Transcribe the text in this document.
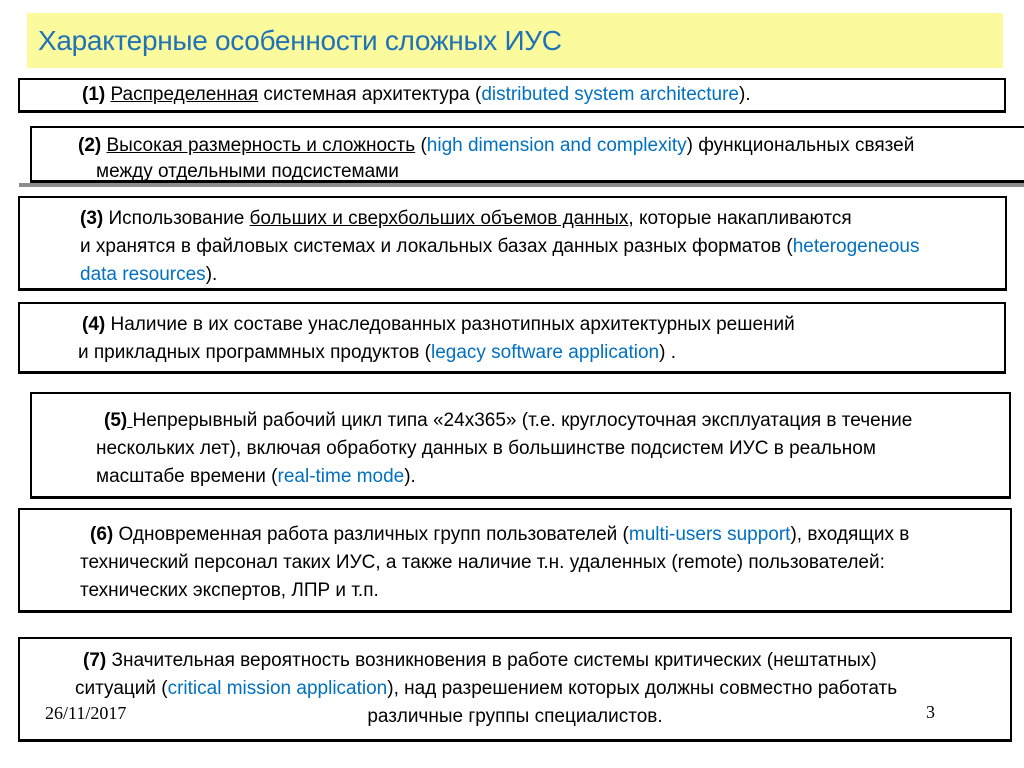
Характерные особенности сложных ИУС
(1) Распределенная системная архитектура (distributed system architecture).
(2) Высокая размерность и сложность (high dimension and complexity) функциональных связей
между отдельными подсистемами
(3) Использование больших и сверхбольших объемов данных, которые накапливаются
и хранятся в файловых системах и локальных базах данных разных форматов (heterogeneous
data resources).
(4) Наличие в их составе унаследованных разнотипных архитектурных решений
и прикладных программных продуктов (legacy software application) .
(5) Непрерывный рабочий цикл типа «24х365» (т.е. круглосуточная эксплуатация в течение
нескольких лет), включая обработку данных в большинстве подсистем ИУС в реальном
масштабе времени (real-time mode).
(6) Одновременная работа различных групп пользователей (multi-users support), входящих в
технический персонал таких ИУС, а также наличие т.н. удаленных (remote) пользователей:
технических экспертов, ЛПР и т.п.
(7) Значительная вероятность возникновения в работе системы критических (нештатных)
ситуаций (critical mission application), над разрешением которых должны совместно работать
различные группы специалистов.
26/11/2017	3
